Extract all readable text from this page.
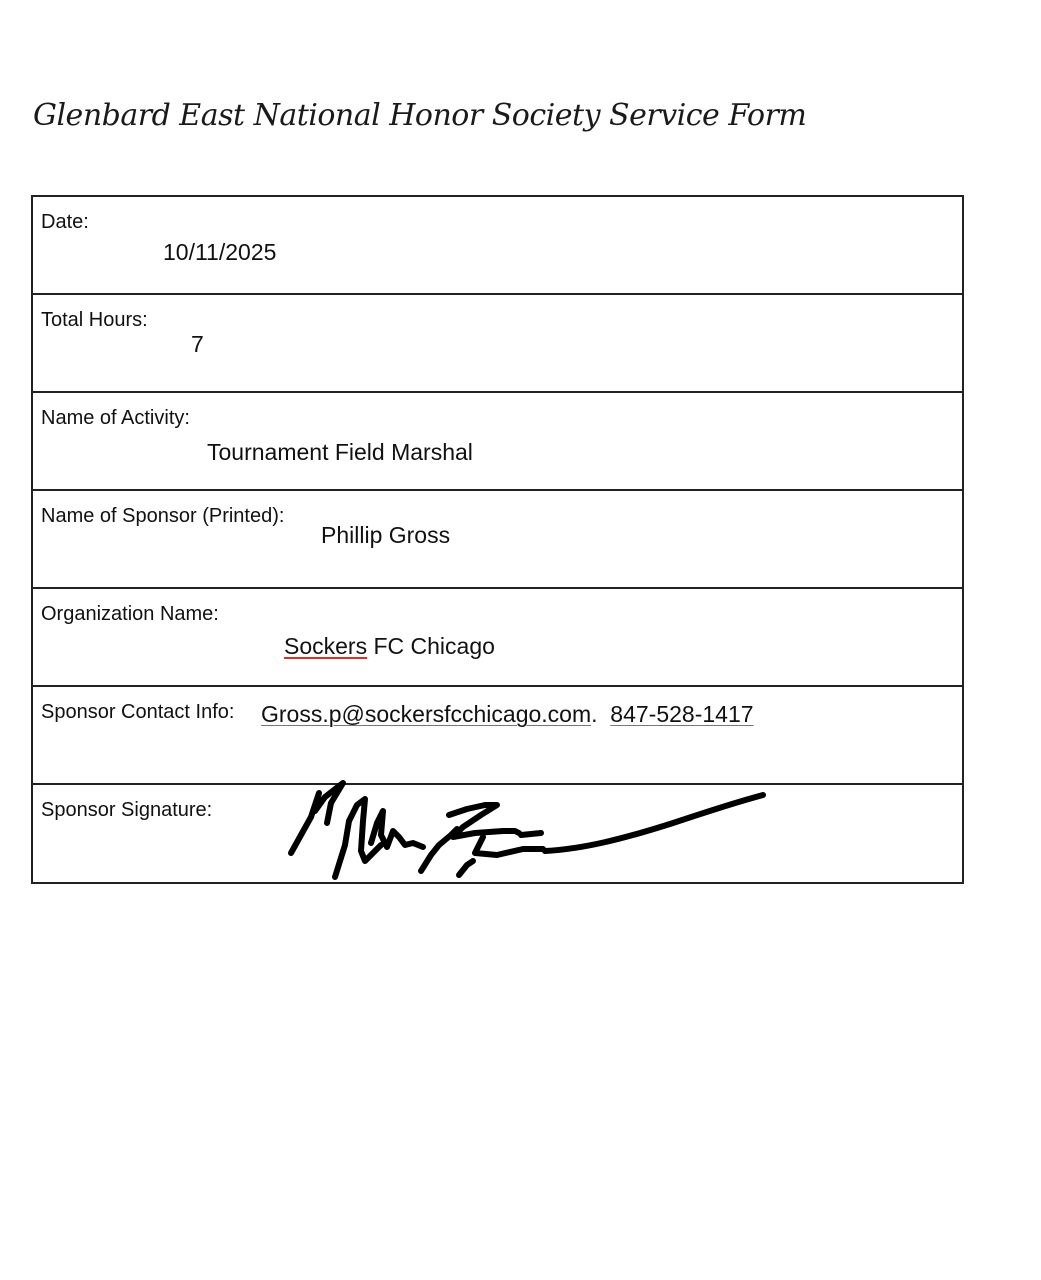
Glenbard East National Honor Society Service Form
Date:
10/11/2025
Total Hours:
7
Name of Activity:
Tournament Field Marshal
Name of Sponsor (Printed):
Phillip Gross
Organization Name:
Sockers FC Chicago
Sponsor Contact Info: Gross.p@sockersfcchicago.com.  847-528-1417
Sponsor Signature:
